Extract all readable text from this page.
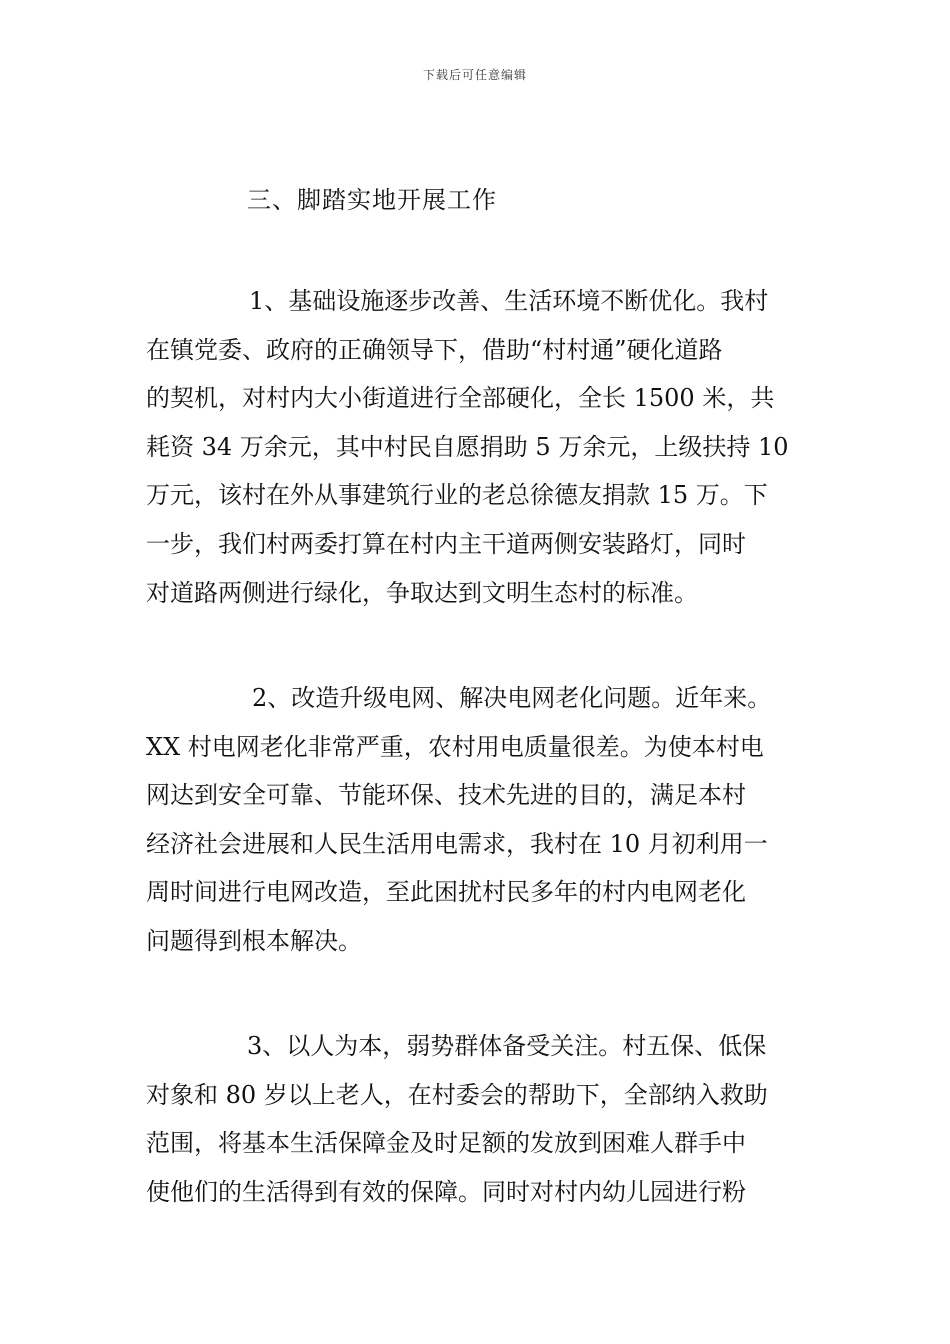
下载后可任意编辑
三、脚踏实地开展工作
1、基础设施逐步改善、生活环境不断优化。我村
在镇党委、政府的正确领导下，借助“村村通”硬化道路
的契机，对村内大小街道进行全部硬化，全长 1500 米，共
耗资 34 万余元，其中村民自愿捐助 5 万余元，上级扶持 10
万元，该村在外从事建筑行业的老总徐德友捐款 15 万。下
一步，我们村两委打算在村内主干道两侧安装路灯，同时
对道路两侧进行绿化，争取达到文明生态村的标准。
2、改造升级电网、解决电网老化问题。近年来。
XX 村电网老化非常严重，农村用电质量很差。为使本村电
网达到安全可靠、节能环保、技术先进的目的，满足本村
经济社会进展和人民生活用电需求，我村在 10 月初利用一
周时间进行电网改造，至此困扰村民多年的村内电网老化
问题得到根本解决。
3、以人为本，弱势群体备受关注。村五保、低保
对象和 80 岁以上老人，在村委会的帮助下，全部纳入救助
范围，将基本生活保障金及时足额的发放到困难人群手中
使他们的生活得到有效的保障。同时对村内幼儿园进行粉
